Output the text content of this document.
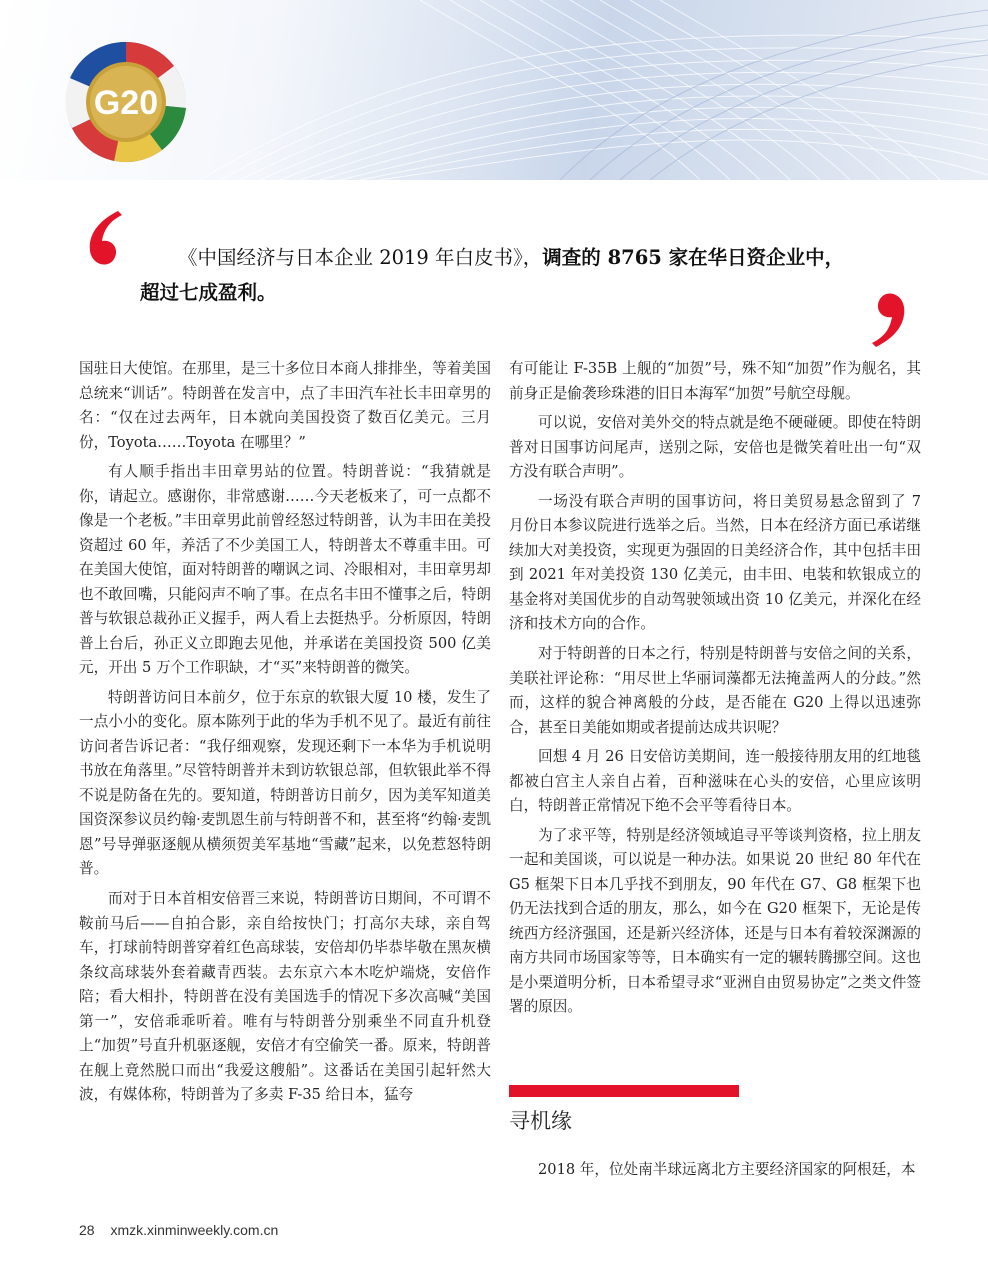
G20

《中国经济与日本企业 2019 年白皮书》，调查的 8765 家在华日资企业中，超过七成盈利。

国驻日大使馆。在那里，是三十多位日本商人排排坐，等着美国总统来“训话”。特朗普在发言中，点了丰田汽车社长丰田章男的名：“仅在过去两年，日本就向美国投资了数百亿美元。三月份，Toyota……Toyota 在哪里？”

有人顺手指出丰田章男站的位置。特朗普说：“我猜就是你，请起立。感谢你，非常感谢……今天老板来了，可一点都不像是一个老板。”丰田章男此前曾经怒过特朗普，认为丰田在美投资超过 60 年，养活了不少美国工人，特朗普太不尊重丰田。可在美国大使馆，面对特朗普的嘲讽之词、冷眼相对，丰田章男却也不敢回嘴，只能闷声不响了事。在点名丰田不懂事之后，特朗普与软银总裁孙正义握手，两人看上去挺热乎。分析原因，特朗普上台后，孙正义立即跑去见他，并承诺在美国投资 500 亿美元，开出 5 万个工作职缺，才“买”来特朗普的微笑。

特朗普访问日本前夕，位于东京的软银大厦 10 楼，发生了一点小小的变化。原本陈列于此的华为手机不见了。最近有前往访问者告诉记者：“我仔细观察，发现还剩下一本华为手机说明书放在角落里。”尽管特朗普并未到访软银总部，但软银此举不得不说是防备在先的。要知道，特朗普访日前夕，因为美军知道美国资深参议员约翰·麦凯恩生前与特朗普不和，甚至将“约翰·麦凯恩”号导弹驱逐舰从横须贺美军基地“雪藏”起来，以免惹怒特朗普。

而对于日本首相安倍晋三来说，特朗普访日期间，不可谓不鞍前马后——自拍合影，亲自给按快门；打高尔夫球，亲自驾车，打球前特朗普穿着红色高球装，安倍却仍毕恭毕敬在黑灰横条纹高球装外套着藏青西装。去东京六本木吃炉端烧，安倍作陪；看大相扑，特朗普在没有美国选手的情况下多次高喊“美国第一”，安倍乖乖听着。唯有与特朗普分别乘坐不同直升机登上“加贺”号直升机驱逐舰，安倍才有空偷笑一番。原来，特朗普在舰上竟然脱口而出“我爱这艘船”。这番话在美国引起轩然大波，有媒体称，特朗普为了多卖 F-35 给日本，猛夸

有可能让 F-35B 上舰的“加贺”号，殊不知“加贺”作为舰名，其前身正是偷袭珍珠港的旧日本海军“加贺”号航空母舰。

可以说，安倍对美外交的特点就是绝不硬碰硬。即使在特朗普对日国事访问尾声，送别之际，安倍也是微笑着吐出一句“双方没有联合声明”。

一场没有联合声明的国事访问，将日美贸易悬念留到了 7 月份日本参议院进行选举之后。当然，日本在经济方面已承诺继续加大对美投资，实现更为强固的日美经济合作，其中包括丰田到 2021 年对美投资 130 亿美元，由丰田、电装和软银成立的基金将对美国优步的自动驾驶领域出资 10 亿美元，并深化在经济和技术方向的合作。

对于特朗普的日本之行，特别是特朗普与安倍之间的关系，美联社评论称：“用尽世上华丽词藻都无法掩盖两人的分歧。”然而，这样的貌合神离般的分歧，是否能在 G20 上得以迅速弥合，甚至日美能如期或者提前达成共识呢？

回想 4 月 26 日安倍访美期间，连一般接待朋友用的红地毯都被白宫主人亲自占着，百种滋味在心头的安倍，心里应该明白，特朗普正常情况下绝不会平等看待日本。

为了求平等，特别是经济领域追寻平等谈判资格，拉上朋友一起和美国谈，可以说是一种办法。如果说 20 世纪 80 年代在 G5 框架下日本几乎找不到朋友，90 年代在 G7、G8 框架下也仍无法找到合适的朋友，那么，如今在 G20 框架下，无论是传统西方经济强国，还是新兴经济体，还是与日本有着较深渊源的南方共同市场国家等等，日本确实有一定的辗转腾挪空间。这也是小栗道明分析，日本希望寻求“亚洲自由贸易协定”之类文件签署的原因。

寻机缘

2018 年，位处南半球远离北方主要经济国家的阿根廷，本

28 xmzk.xinminweekly.com.cn
